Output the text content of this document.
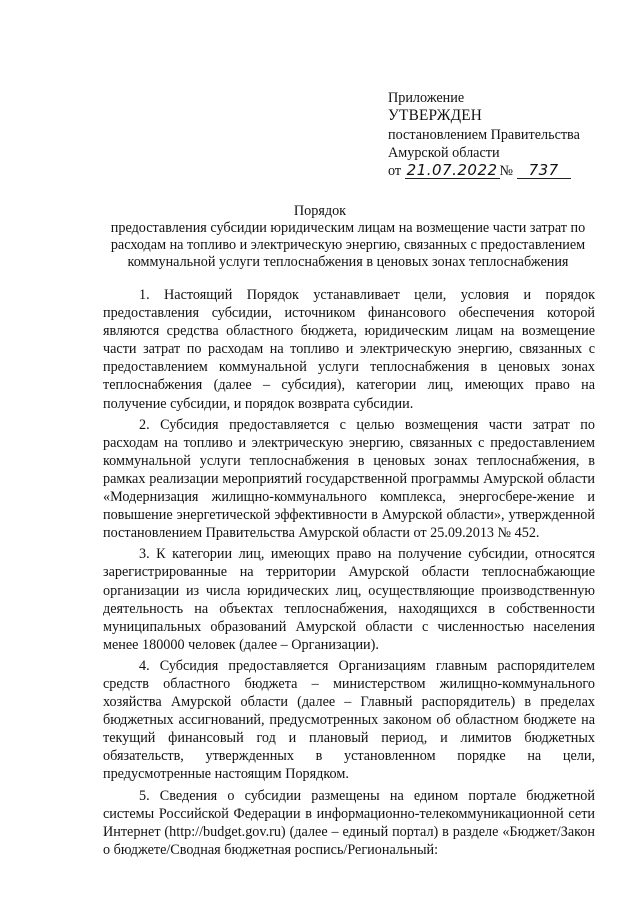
Приложение
УТВЕРЖДЕН
постановлением Правительства
Амурской области
от 21.07.2022 № 737
Порядок
предоставления субсидии юридическим лицам на возмещение части затрат по расходам на топливо и электрическую энергию, связанных с предоставлением коммунальной услуги теплоснабжения в ценовых зонах теплоснабжения

1. Настоящий Порядок устанавливает цели, условия и порядок предоставления субсидии, источником финансового обеспечения которой являются средства областного бюджета, юридическим лицам на возмещение части затрат по расходам на топливо и электрическую энергию, связанных с предоставлением коммунальной услуги теплоснабжения в ценовых зонах теплоснабжения (далее – субсидия), категории лиц, имеющих право на получение субсидии, и порядок возврата субсидии.

2. Субсидия предоставляется с целью возмещения части затрат по расходам на топливо и электрическую энергию, связанных с предоставлением коммунальной услуги теплоснабжения в ценовых зонах теплоснабжения, в рамках реализации мероприятий государственной программы Амурской области «Модернизация жилищно-коммунального комплекса, энергосбере-жение и повышение энергетической эффективности в Амурской области», утвержденной постановлением Правительства Амурской области от 25.09.2013 № 452.

3. К категории лиц, имеющих право на получение субсидии, относятся зарегистрированные на территории Амурской области теплоснабжающие организации из числа юридических лиц, осуществляющие производственную деятельность на объектах теплоснабжения, находящихся в собственности муниципальных образований Амурской области с численностью населения менее 180000 человек (далее – Организации).

4. Субсидия предоставляется Организациям главным распорядителем средств областного бюджета – министерством жилищно-коммунального хозяйства Амурской области (далее – Главный распорядитель) в пределах бюджетных ассигнований, предусмотренных законом об областном бюджете на текущий финансовый год и плановый период, и лимитов бюджетных обязательств, утвержденных в установленном порядке на цели, предусмотренные настоящим Порядком.

5. Сведения о субсидии размещены на едином портале бюджетной системы Российской Федерации в информационно-телекоммуникационной сети Интернет (http://budget.gov.ru) (далее – единый портал) в разделе «Бюджет/Закон о бюджете/Сводная бюджетная роспись/Региональный:
